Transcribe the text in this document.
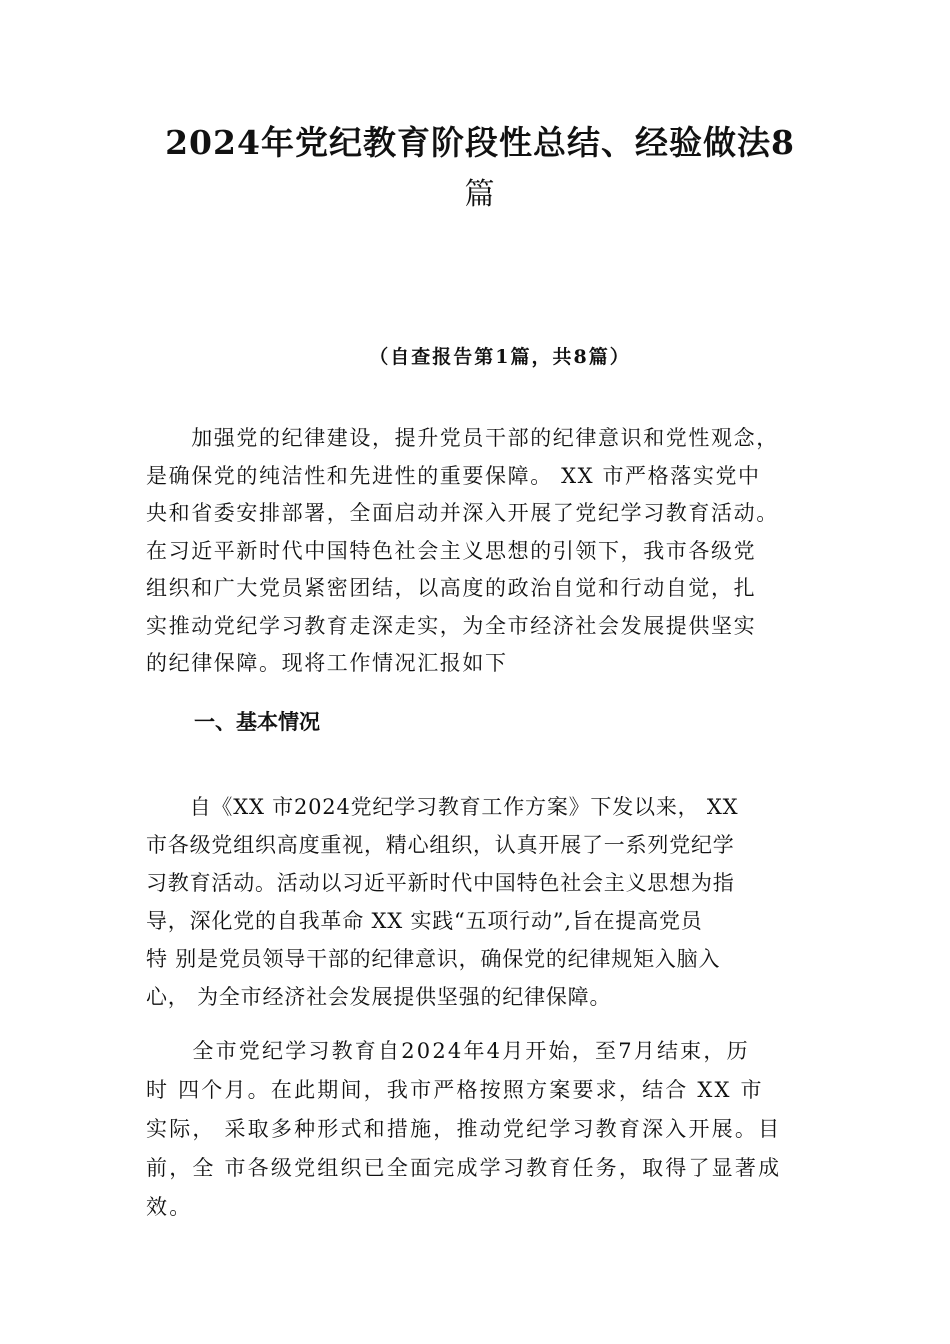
2024年党纪教育阶段性总结、经验做法8
篇
（自查报告第1篇，共8篇）
　　加强党的纪律建设，提升党员干部的纪律意识和党性观念，
是确保党的纯洁性和先进性的重要保障。 XX 市严格落实党中
央和省委安排部署，全面启动并深入开展了党纪学习教育活动。
在习近平新时代中国特色社会主义思想的引领下，我市各级党
组织和广大党员紧密团结，以高度的政治自觉和行动自觉，扎
实推动党纪学习教育走深走实，为全市经济社会发展提供坚实
的纪律保障。现将工作情况汇报如下
一、基本情况
　　自《XX 市2024党纪学习教育工作方案》下发以来， XX
市各级党组织高度重视，精心组织，认真开展了一系列党纪学
习教育活动。活动以习近平新时代中国特色社会主义思想为指
导，深化党的自我革命 XX 实践“五项行动”,旨在提高党员
特 别是党员领导干部的纪律意识，确保党的纪律规矩入脑入
心， 为全市经济社会发展提供坚强的纪律保障。
　　全市党纪学习教育自2024年4月开始，至7月结束，历
时 四个月。在此期间，我市严格按照方案要求，结合 XX 市
实际， 采取多种形式和措施，推动党纪学习教育深入开展。目
前，全 市各级党组织已全面完成学习教育任务，取得了显著成
效。
